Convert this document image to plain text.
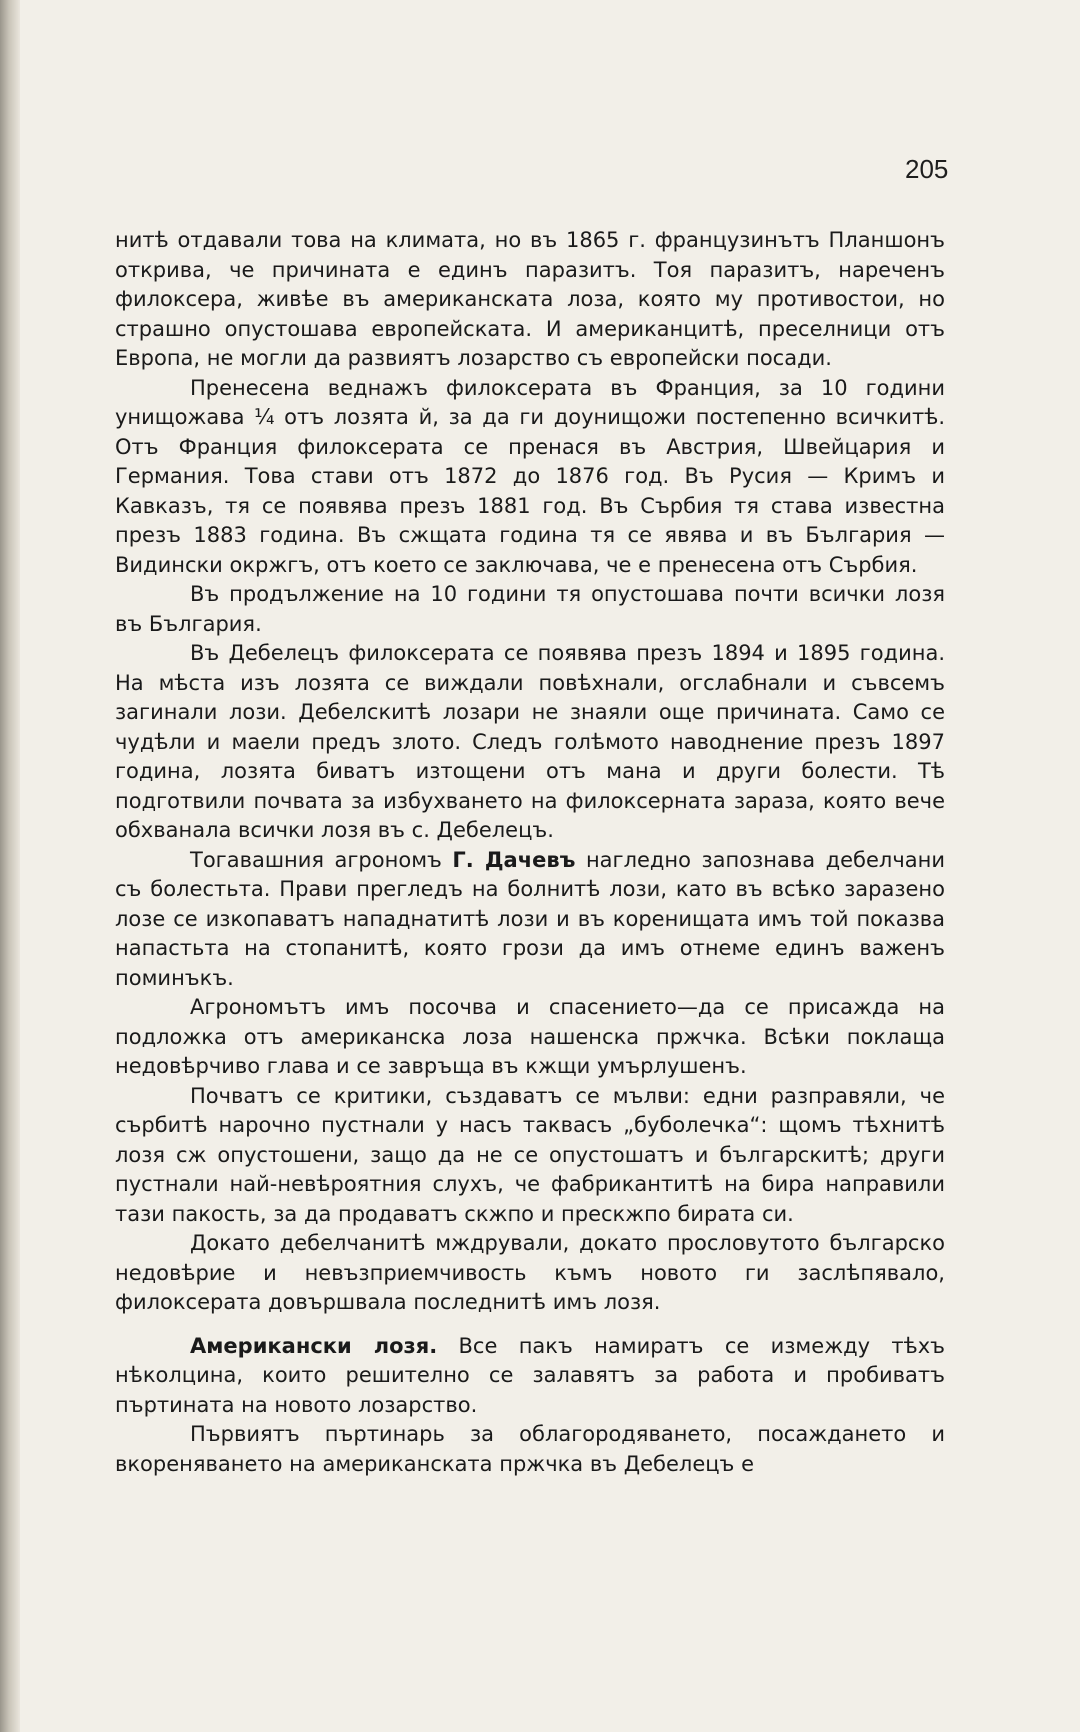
205

нитѣ отдавали това на климата, но въ 1865 г. французинътъ Планшонъ открива, че причината е единъ паразитъ. Тоя паразитъ, нареченъ филоксера, живѣе въ американската лоза, която му противостои, но страшно опустошава европейската. И американцитѣ, преселници отъ Европа, не могли да развиятъ лозарство съ европейски посади.

Пренесена веднажъ филоксерата въ Франция, за 10 години унищожава ¼ отъ лозята й, за да ги доунищожи постепенно всичкитѣ. Отъ Франция филоксерата се пренася въ Австрия, Швейцария и Германия. Това стави отъ 1872 до 1876 год. Въ Русия — Кримъ и Кавказъ, тя се появява презъ 1881 год. Въ Сърбия тя става известна презъ 1883 година. Въ сжщата година тя се явява и въ България — Видински окржгъ, отъ което се заключава, че е пренесена отъ Сърбия.

Въ продължение на 10 години тя опустошава почти всички лозя въ България.

Въ Дебелецъ филоксерата се появява презъ 1894 и 1895 година. На мѣста изъ лозята се виждали повѣхнали, огслабнали и съвсемъ загинали лози. Дебелскитѣ лозари не знаяли още причината. Само се чудѣли и маели предъ злото. Следъ голѣмото наводнение презъ 1897 година, лозята биватъ изтощени отъ мана и други болести. Тѣ подготвили почвата за избухването на филоксерната зараза, която вече обхванала всички лозя въ с. Дебелецъ.

Тогавашния агрономъ Г. Дачевъ нагледно запознава дебелчани съ болестьта. Прави прегледъ на болнитѣ лози, като въ всѣко заразено лозе се изкопаватъ нападнатитѣ лози и въ коренищата имъ той показва напастьта на стопанитѣ, която грози да имъ отнеме единъ важенъ поминъкъ.

Агрономътъ имъ посочва и спасението—да се присажда на подложка отъ американска лоза нашенска пржчка. Всѣки поклаща недовѣрчиво глава и се завръща въ кжщи умърлушенъ.

Почватъ се критики, създаватъ се мълви: едни разправяли, че сърбитѣ нарочно пустнали у насъ таквасъ „буболечка“: щомъ тѣхнитѣ лозя сж опустошени, защо да не се опустошатъ и българскитѣ; други пустнали най-невѣроятния слухъ, че фабрикантитѣ на бира направили тази пакость, за да продаватъ скжпо и прескжпо бирата си.

Докато дебелчанитѣ мждрували, докато прословутото българско недовѣрие и невъзприемчивость къмъ новото ги заслѣпявало, филоксерата довършвала последнитѣ имъ лозя.

Американски лозя. Все пакъ намиратъ се измежду тѣхъ нѣколцина, които решително се залавятъ за работа и пробиватъ пъртината на новото лозарство.

Първиятъ пъртинарь за облагородяването, посаждането и вкореняването на американската пржчка въ Дебелецъ е
